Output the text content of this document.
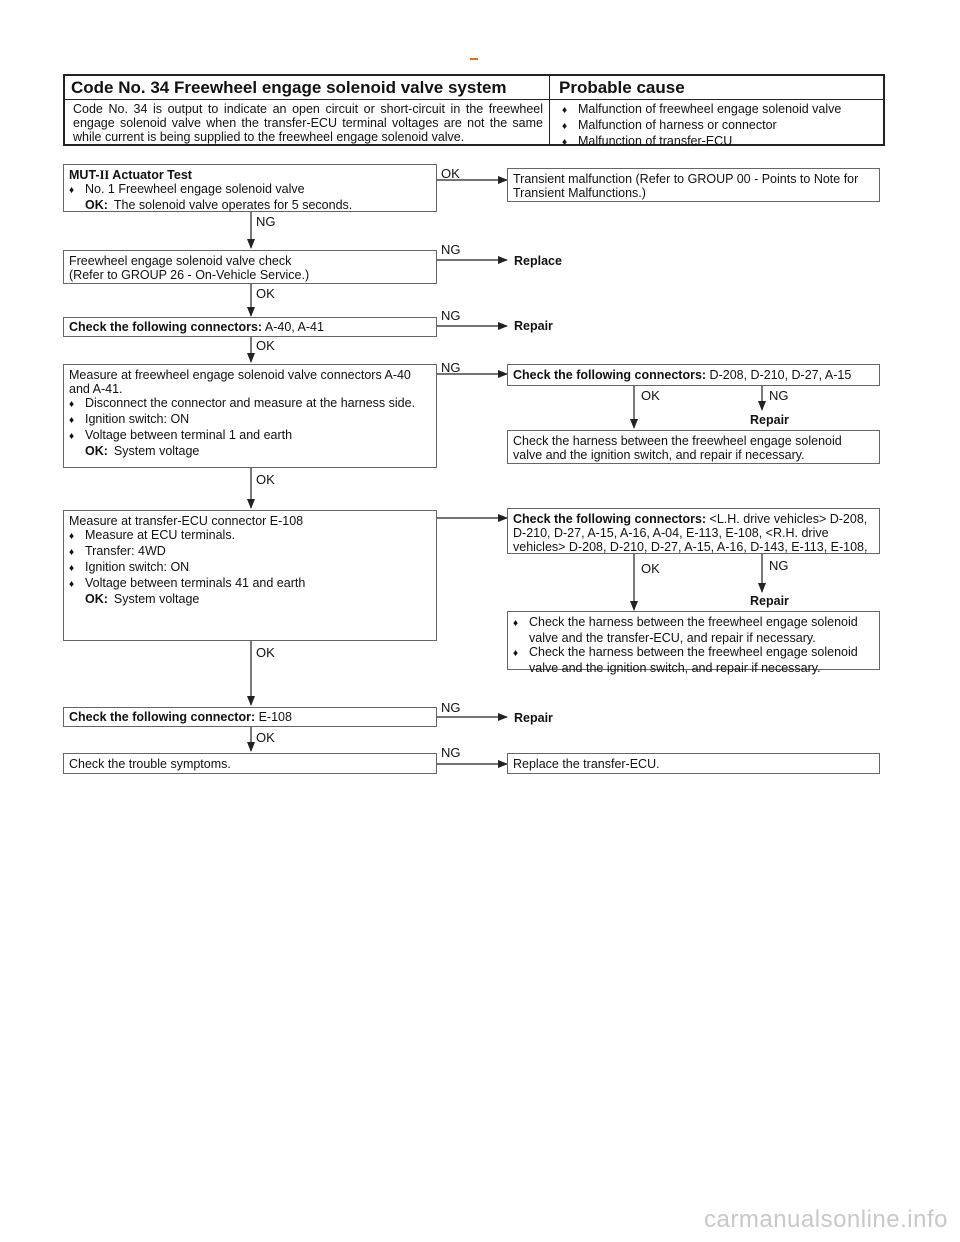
Code No. 34 Freewheel engage solenoid valve system	Probable cause
Code No. 34 is output to indicate an open circuit or short-circuit in the freewheel engage solenoid valve when the transfer-ECU terminal voltages are not the same while current is being supplied to the freewheel engage solenoid valve.
♦ Malfunction of freewheel engage solenoid valve
♦ Malfunction of harness or connector
♦ Malfunction of transfer-ECU
MUT-II Actuator Test
♦ No. 1 Freewheel engage solenoid valve
OK: The solenoid valve operates for 5 seconds.
OK	Transient malfunction (Refer to GROUP 00 - Points to Note for Transient Malfunctions.)
NG
Freewheel engage solenoid valve check
(Refer to GROUP 26 - On-Vehicle Service.)
NG
Replace
OK
Check the following connectors: A-40, A-41
NG
Repair
OK
Measure at freewheel engage solenoid valve connectors A-40 and A-41.
♦ Disconnect the connector and measure at the harness side.
♦ Ignition switch: ON
♦ Voltage between terminal 1 and earth
OK: System voltage
NG	Check the following connectors: D-208, D-210, D-27, A-15
OK	NG
Repair
Check the harness between the freewheel engage solenoid valve and the ignition switch, and repair if necessary.
OK
Measure at transfer-ECU connector E-108
♦ Measure at ECU terminals.
♦ Transfer: 4WD
♦ Ignition switch: ON
♦ Voltage between terminals 41 and earth
OK: System voltage
Check the following connectors: <L.H. drive vehicles> D-208, D-210, D-27, A-15, A-16, A-04, E-113, E-108, <R.H. drive vehicles> D-208, D-210, D-27, A-15, A-16, D-143, E-113, E-108,
OK	NG
Repair
♦ Check the harness between the freewheel engage solenoid valve and the transfer-ECU, and repair if necessary.
♦ Check the harness between the freewheel engage solenoid valve and the ignition switch, and repair if necessary.
OK
Check the following connector: E-108
NG
Repair
OK
Check the trouble symptoms.
NG
Replace the transfer-ECU.
carmanualsonline.info
